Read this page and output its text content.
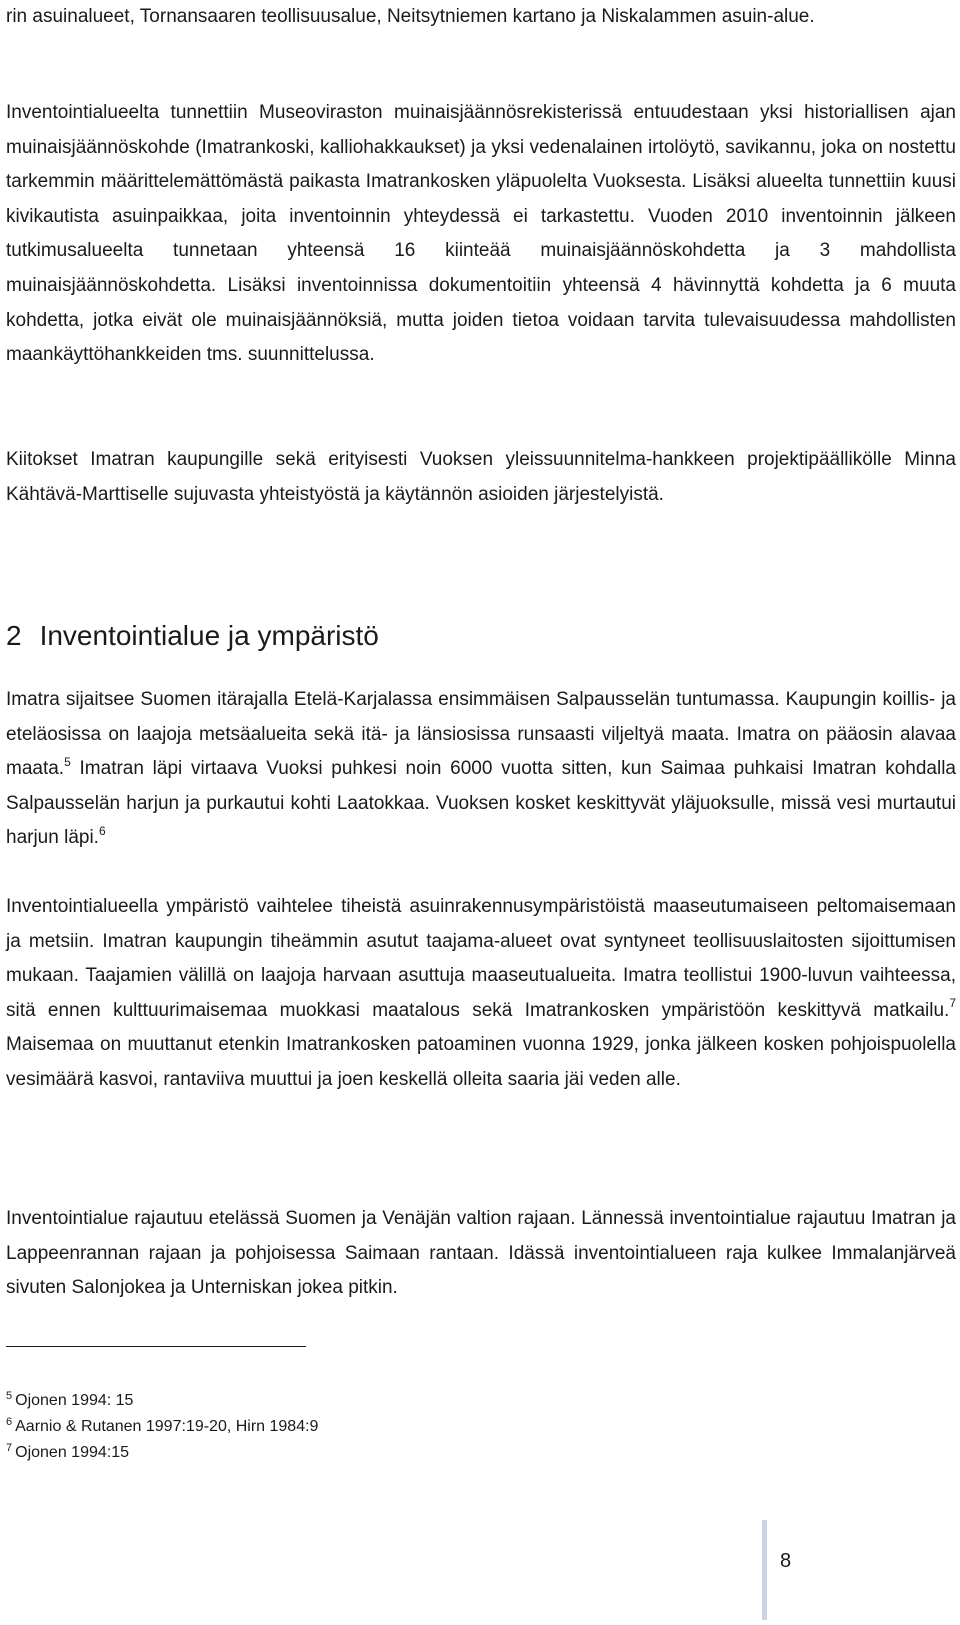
rin asuinalueet, Tornansaaren teollisuusalue, Neitsytniemen kartano ja Niskalammen asuin-alue.

Inventointialueelta tunnettiin Museoviraston muinaisjäännösrekisterissä entuudestaan yksi historiallisen ajan muinaisjäännöskohde (Imatrankoski, kalliohakkaukset) ja yksi vedenalainen irtolöytö, savikannu, joka on nostettu tarkemmin määrittelemättömästä paikasta Imatrankosken yläpuolelta Vuoksesta. Lisäksi alueelta tunnettiin kuusi kivikautista asuinpaikkaa, joita inventoinnin yhteydessä ei tarkastettu. Vuoden 2010 inventoinnin jälkeen tutkimusalueelta tunnetaan yhteensä 16 kiinteää muinaisjäännöskohdetta ja 3 mahdollista muinaisjäännöskohdetta. Lisäksi inventoinnissa dokumentoitiin yhteensä 4 hävinnyttä kohdetta ja 6 muuta kohdetta, jotka eivät ole muinaisjäännöksiä, mutta joiden tietoa voidaan tarvita tulevaisuudessa mahdollisten maankäyttöhankkeiden tms. suunnittelussa.

Kiitokset Imatran kaupungille sekä erityisesti Vuoksen yleissuunnitelma-hankkeen projektipäällikölle Minna Kähtävä-Marttiselle sujuvasta yhteistyöstä ja käytännön asioiden järjestelyistä.

2 Inventointialue ja ympäristö

Imatra sijaitsee Suomen itärajalla Etelä-Karjalassa ensimmäisen Salpausselän tuntumassa. Kaupungin koillis- ja eteläosissa on laajoja metsäalueita sekä itä- ja länsiosissa runsaasti viljeltyä maata. Imatra on pääosin alavaa maata.$^5$ Imatran läpi virtaava Vuoksi puhkesi noin 6000 vuotta sitten, kun Saimaa puhkaisi Imatran kohdalla Salpausselän harjun ja purkautui kohti Laatokkaa. Vuoksen kosket keskittyvät yläjuoksulle, missä vesi murtautui harjun läpi.$^6$

Inventointialueella ympäristö vaihtelee tiheistä asuinrakennusympäristöistä maaseutumaiseen peltomaisemaan ja metsiin. Imatran kaupungin tiheämmin asutut taajama-alueet ovat syntyneet teollisuuslaitosten sijoittumisen mukaan. Taajamien välillä on laajoja harvaan asuttuja maaseutualueita. Imatra teollistui 1900-luvun vaihteessa, sitä ennen kulttuurimaisemaa muokkasi maatalous sekä Imatrankosken ympäristöön keskittyvä matkailu.$^7$ Maisemaa on muuttanut etenkin Imatrankosken patoaminen vuonna 1929, jonka jälkeen kosken pohjoispuolella vesimäärä kasvoi, rantaviiva muuttui ja joen keskellä olleita saaria jäi veden alle.

Inventointialue rajautuu etelässä Suomen ja Venäjän valtion rajaan. Lännessä inventointialue rajautuu Imatran ja Lappeenrannan rajaan ja pohjoisessa Saimaan rantaan. Idässä inventointialueen raja kulkee Immalanjärveä sivuten Salonjokea ja Unterniskan jokea pitkin.

$^5$ Ojonen 1994: 15
$^6$ Aarnio & Rutanen 1997:19-20, Hirn 1984:9
$^7$ Ojonen 1994:15
8
